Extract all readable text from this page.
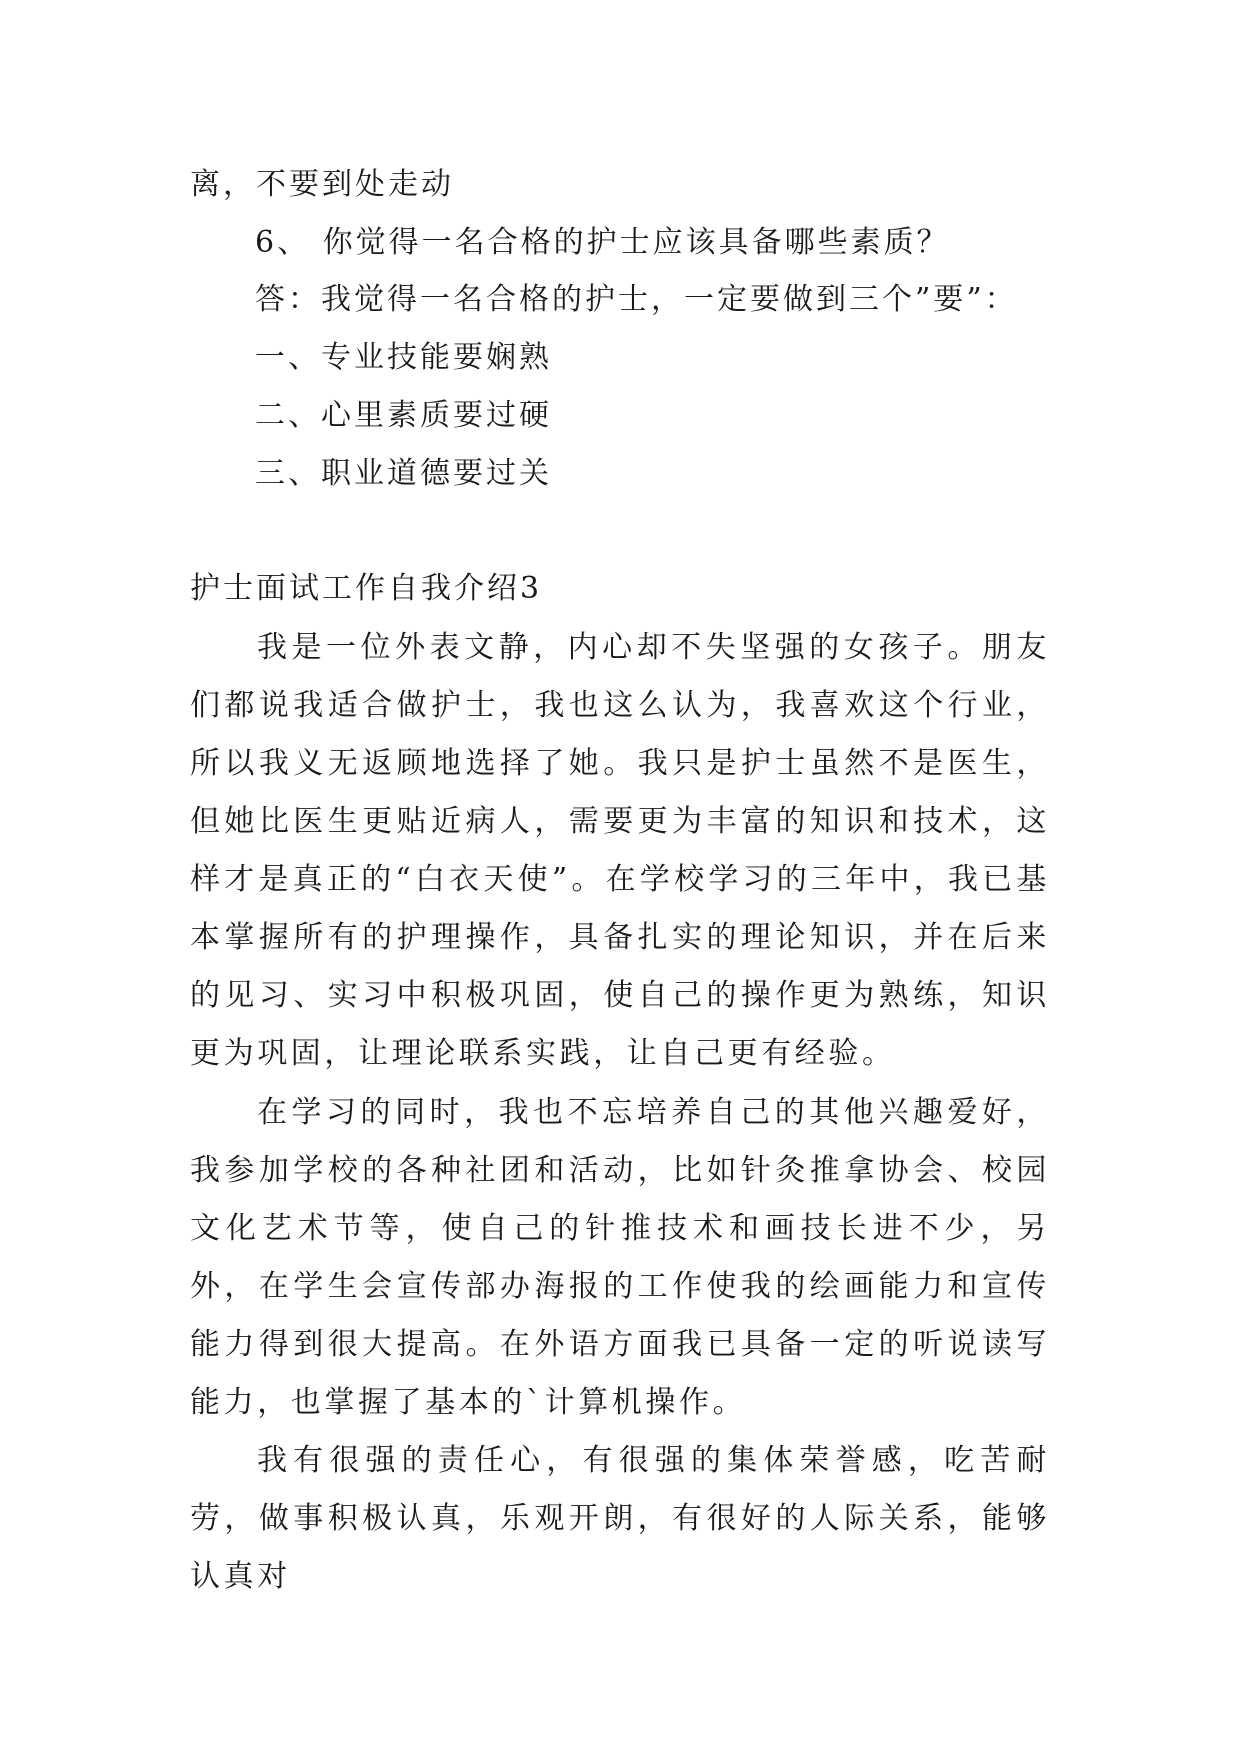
离，不要到处走动
6、 你觉得一名合格的护士应该具备哪些素质？
答：我觉得一名合格的护士，一定要做到三个”要”：
一、专业技能要娴熟
二、心里素质要过硬
三、职业道德要过关
护士面试工作自我介绍3
我是一位外表文静，内心却不失坚强的女孩子。朋友们都说我适合做护士，我也这么认为，我喜欢这个行业，所以我义无返顾地选择了她。我只是护士虽然不是医生，但她比医生更贴近病人，需要更为丰富的知识和技术，这样才是真正的“白衣天使”。在学校学习的三年中，我已基本掌握所有的护理操作，具备扎实的理论知识，并在后来的见习、实习中积极巩固，使自己的操作更为熟练，知识更为巩固，让理论联系实践，让自己更有经验。
在学习的同时，我也不忘培养自己的其他兴趣爱好，我参加学校的各种社团和活动，比如针灸推拿协会、校园文化艺术节等，使自己的针推技术和画技长进不少，另外，在学生会宣传部办海报的工作使我的绘画能力和宣传能力得到很大提高。在外语方面我已具备一定的听说读写能力，也掌握了基本的`计算机操作。
我有很强的责任心，有很强的集体荣誉感，吃苦耐劳，做事积极认真，乐观开朗，有很好的人际关系，能够认真对
